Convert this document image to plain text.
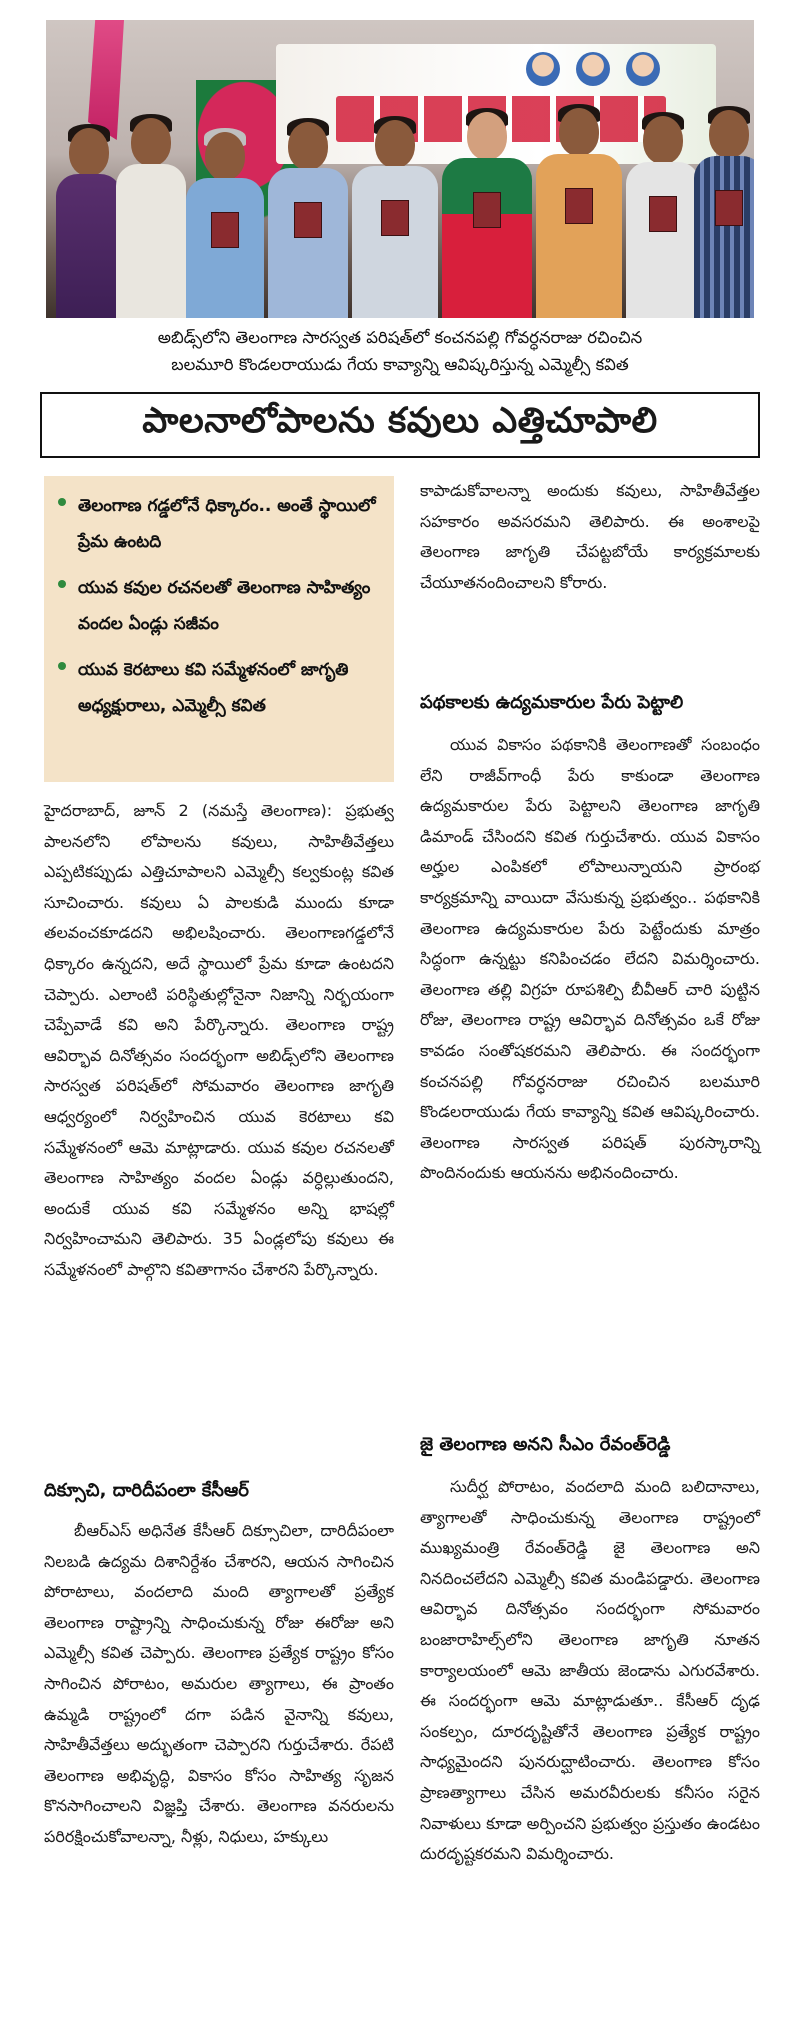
అబిడ్స్‌లోని తెలంగాణ సారస్వత పరిషత్‌లో కంచనపల్లి గోవర్ధనరాజు రచించిన
బలమూరి కొండలరాయుడు గేయ కావ్యాన్ని ఆవిష్కరిస్తున్న ఎమ్మెల్సీ కవిత
పాలనాలోపాలను కవులు ఎత్తిచూపాలి
తెలంగాణ గడ్డలోనే ధిక్కారం.. అంతే స్థాయిలో ప్రేమ ఉంటది
యువ కవుల రచనలతో తెలంగాణ సాహిత్యం వందల ఏండ్లు సజీవం
యువ కెరటాలు కవి సమ్మేళనంలో జాగృతి అధ్యక్షురాలు, ఎమ్మెల్సీ కవిత

హైదరాబాద్, జూన్ 2 (నమస్తే తెలంగాణ): ప్రభుత్వ పాలనలోని లోపాలను కవులు, సాహితీవేత్తలు ఎప్పటికప్పుడు ఎత్తిచూపాలని ఎమ్మెల్సీ కల్వకుంట్ల కవిత సూచించారు. కవులు ఏ పాలకుడి ముందు కూడా తలవంచకూడదని అభిలషించారు. తెలంగాణగడ్డలోనే ధిక్కారం ఉన్నదని, అదే స్థాయిలో ప్రేమ కూడా ఉంటదని చెప్పారు. ఎలాంటి పరిస్థితుల్లోనైనా నిజాన్ని నిర్భయంగా చెప్పేవాడే కవి అని పేర్కొన్నారు. తెలంగాణ రాష్ట్ర ఆవిర్భావ దినోత్సవం సందర్భంగా అబిడ్స్‌లోని తెలంగాణ సారస్వత పరిషత్‌లో సోమవారం తెలంగాణ జాగృతి ఆధ్వర్యంలో నిర్వహించిన యువ కెరటాలు కవి సమ్మేళనంలో ఆమె మాట్లాడారు. యువ కవుల రచనలతో తెలంగాణ సాహిత్యం వందల ఏండ్లు వర్ధిల్లుతుందని, అందుకే యువ కవి సమ్మేళనం అన్ని భాషల్లో నిర్వహించామని తెలిపారు. 35 ఏండ్లలోపు కవులు ఈ సమ్మేళనంలో పాల్గొని కవితాగానం చేశారని పేర్కొన్నారు.

దిక్సూచి, దారిదీపంలా కేసీఆర్

బీఆర్‌ఎస్ అధినేత కేసీఆర్ దిక్సూచిలా, దారిదీపంలా నిలబడి ఉద్యమ దిశానిర్దేశం చేశారని, ఆయన సాగించిన పోరాటాలు, వందలాది మంది త్యాగాలతో ప్రత్యేక తెలంగాణ రాష్ట్రాన్ని సాధించుకున్న రోజు ఈరోజు అని ఎమ్మెల్సీ కవిత చెప్పారు. తెలంగాణ ప్రత్యేక రాష్ట్రం కోసం సాగించిన పోరాటం, అమరుల త్యాగాలు, ఈ ప్రాంతం ఉమ్మడి రాష్ట్రంలో దగా పడిన వైనాన్ని కవులు, సాహితీవేత్తలు అద్భుతంగా చెప్పారని గుర్తుచేశారు. రేపటి తెలంగాణ అభివృద్ధి, వికాసం కోసం సాహిత్య సృజన కొనసాగించాలని విజ్ఞప్తి చేశారు. తెలంగాణ వనరులను పరిరక్షించుకోవాలన్నా, నీళ్లు, నిధులు, హక్కులు

కాపాడుకోవాలన్నా అందుకు కవులు, సాహితీవేత్తల సహకారం అవసరమని తెలిపారు. ఈ అంశాలపై తెలంగాణ జాగృతి చేపట్టబోయే కార్యక్రమాలకు చేయూతనందించాలని కోరారు.

పథకాలకు ఉద్యమకారుల పేరు పెట్టాలి

యువ వికాసం పథకానికి తెలంగాణతో సంబంధం లేని రాజీవ్‌గాంధీ పేరు కాకుండా తెలంగాణ ఉద్యమకారుల పేరు పెట్టాలని తెలంగాణ జాగృతి డిమాండ్ చేసిందని కవిత గుర్తుచేశారు. యువ వికాసం అర్హుల ఎంపికలో లోపాలున్నాయని ప్రారంభ కార్యక్రమాన్ని వాయిదా వేసుకున్న ప్రభుత్వం.. పథకానికి తెలంగాణ ఉద్యమకారుల పేరు పెట్టేందుకు మాత్రం సిద్ధంగా ఉన్నట్టు కనిపించడం లేదని విమర్శించారు. తెలంగాణ తల్లి విగ్రహ రూపశిల్పి బీవీఆర్ చారి పుట్టిన రోజు, తెలంగాణ రాష్ట్ర ఆవిర్భావ దినోత్సవం ఒకే రోజు కావడం సంతోషకరమని తెలిపారు. ఈ సందర్భంగా కంచనపల్లి గోవర్ధనరాజు రచించిన బలమూరి కొండలరాయుడు గేయ కావ్యాన్ని కవిత ఆవిష్కరించారు. తెలంగాణ సారస్వత పరిషత్ పురస్కారాన్ని పొందినందుకు ఆయనను అభినందించారు.

జై తెలంగాణ అనని సీఎం రేవంత్‌రెడ్డి

సుదీర్ఘ పోరాటం, వందలాది మంది బలిదానాలు, త్యాగాలతో సాధించుకున్న తెలంగాణ రాష్ట్రంలో ముఖ్యమంత్రి రేవంత్‌రెడ్డి జై తెలంగాణ అని నినదించలేదని ఎమ్మెల్సీ కవిత మండిపడ్డారు. తెలంగాణ ఆవిర్భావ దినోత్సవం సందర్భంగా సోమవారం బంజారాహిల్స్‌లోని తెలంగాణ జాగృతి నూతన కార్యాలయంలో ఆమె జాతీయ జెండాను ఎగురవేశారు. ఈ సందర్భంగా ఆమె మాట్లాడుతూ.. కేసీఆర్ దృఢ సంకల్పం, దూరదృష్టితోనే తెలంగాణ ప్రత్యేక రాష్ట్రం సాధ్యమైందని పునరుద్ఘాటించారు. తెలంగాణ కోసం ప్రాణత్యాగాలు చేసిన అమరవీరులకు కనీసం సరైన నివాళులు కూడా అర్పించని ప్రభుత్వం ప్రస్తుతం ఉండటం దురదృష్టకరమని విమర్శించారు.
